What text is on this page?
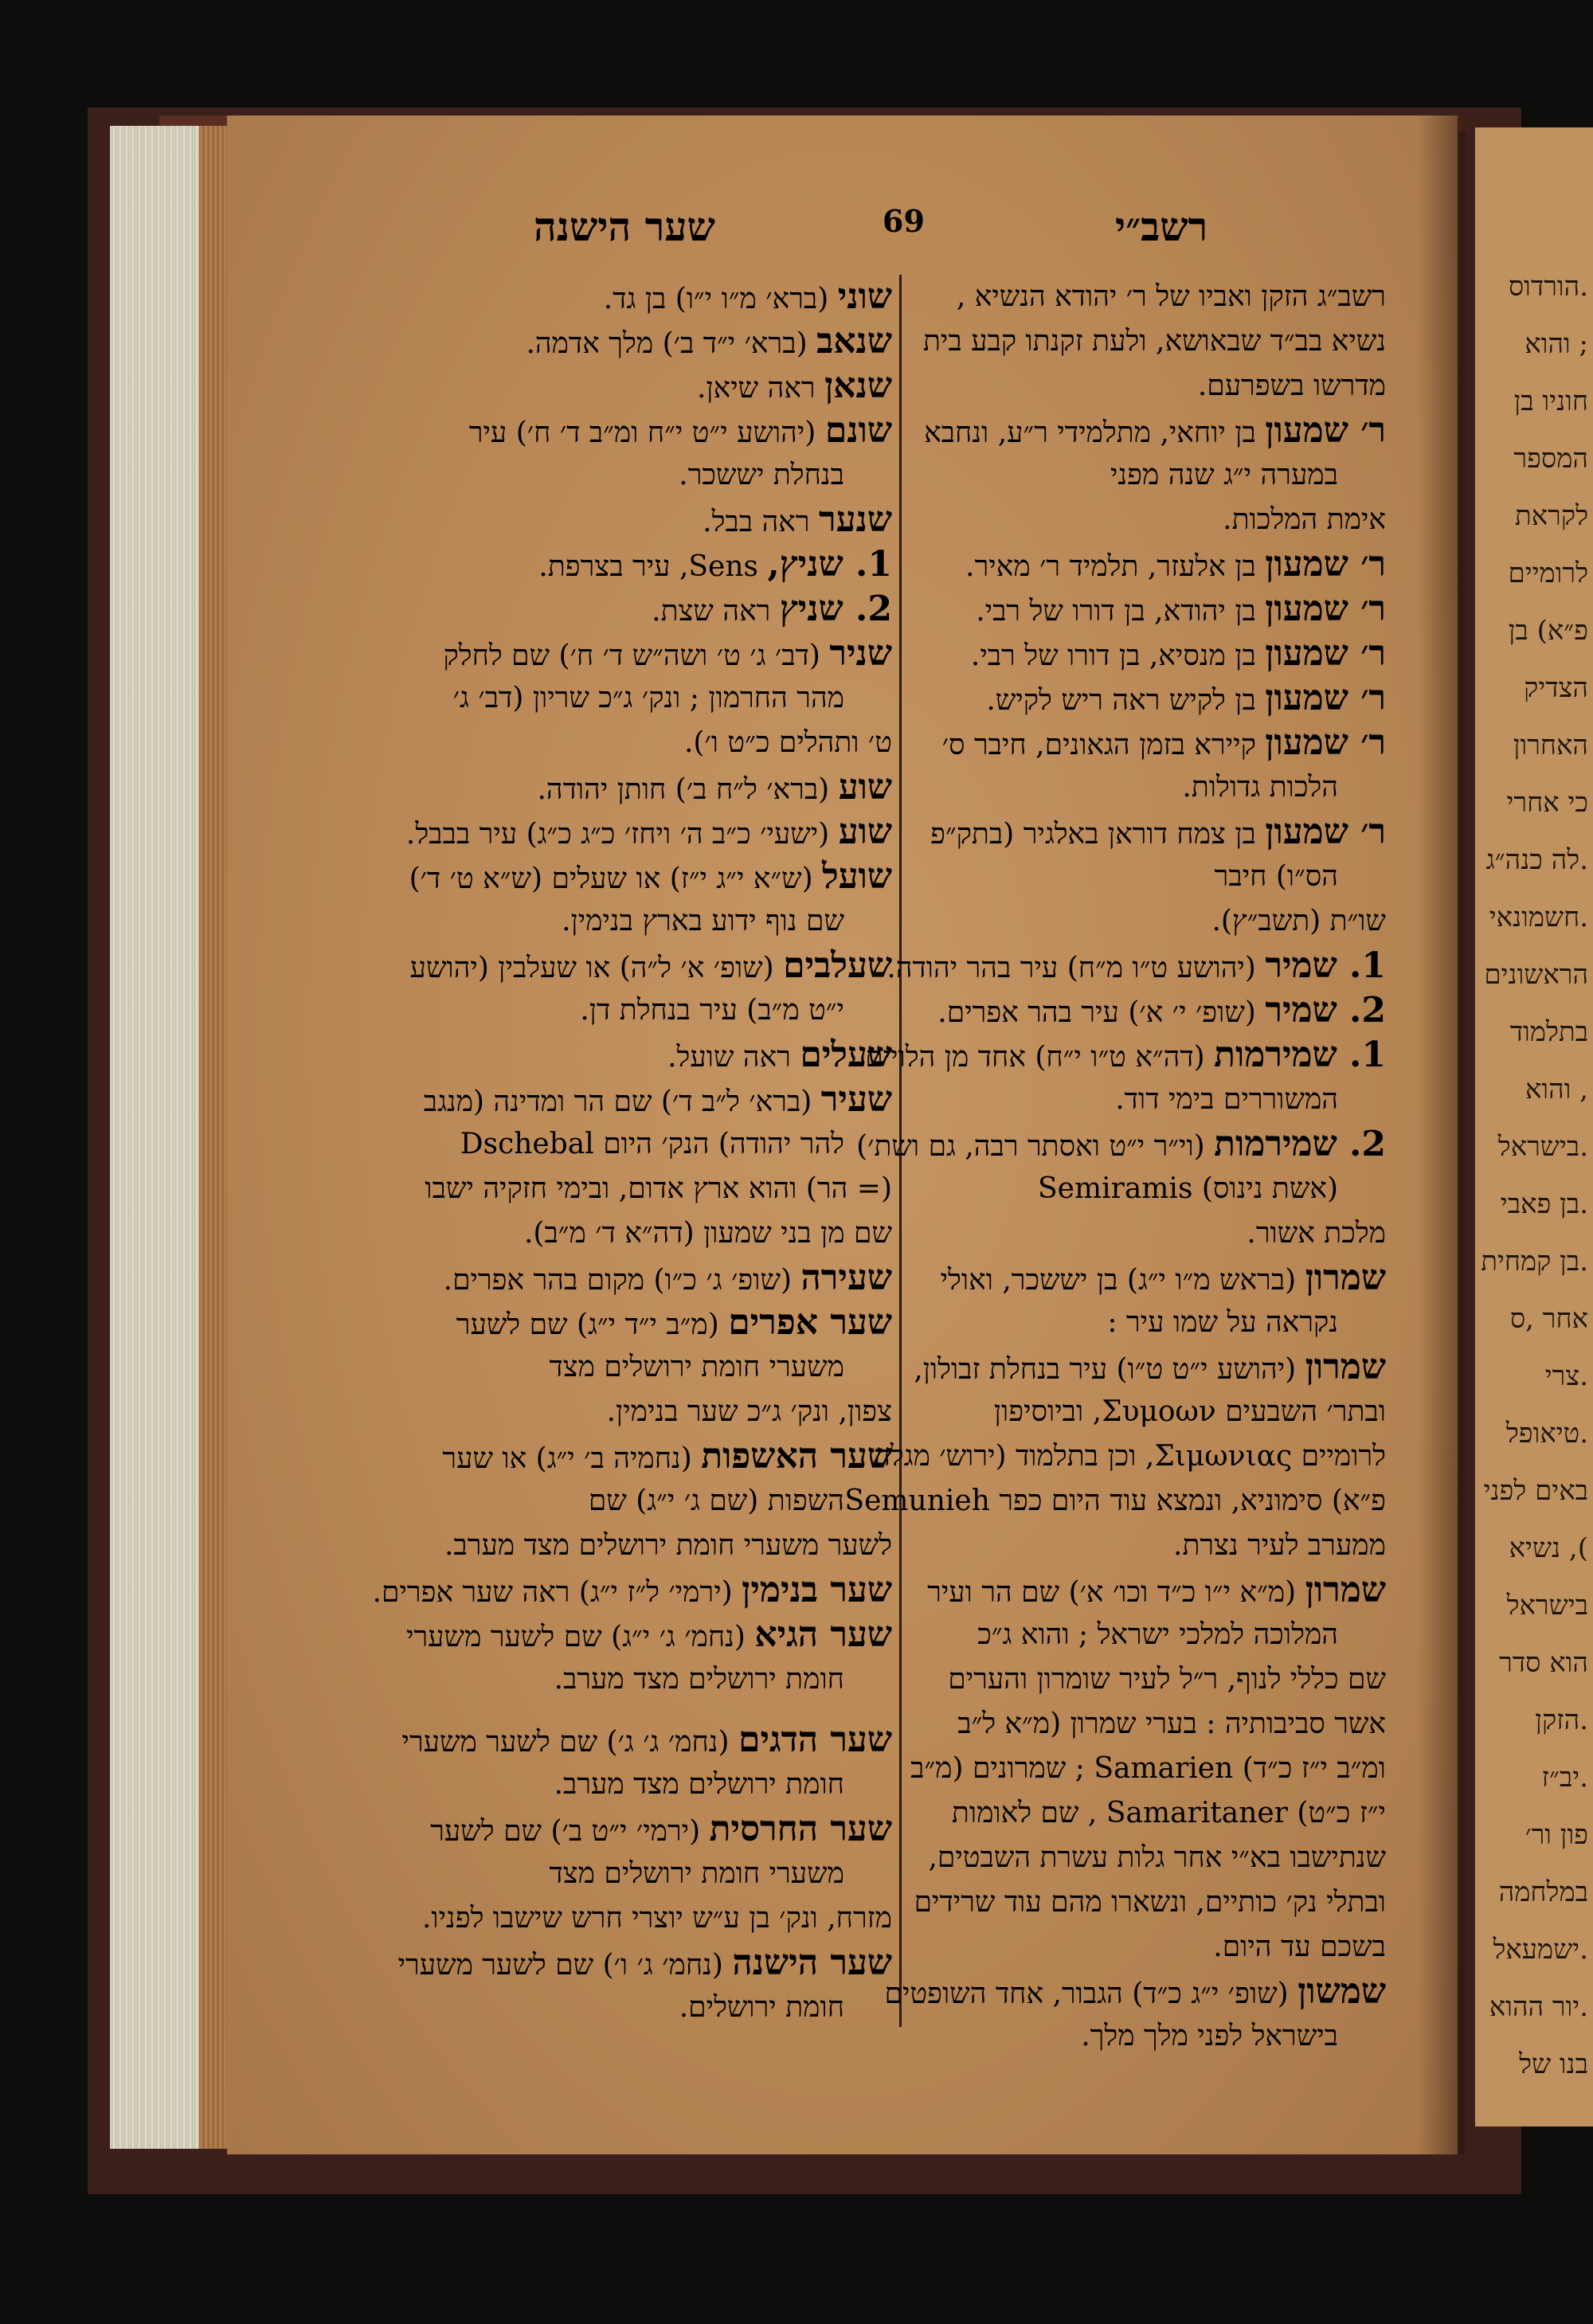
הורדוס.
והוא ;
חוניו בן
המספר
לקראת
לרומיים
פ״א) בן
הצדיק
האחרון
כי אחרי
לה כנה״ג.
חשמונאי.
הראשונים
בתלמוד
והוא ,
בישראל.
בן פאבי.
בן קמחית.
אחר ,ס
צרי.
טיאופל.
באים לפני
נשיא ,(
בישראל
הוא סדר
הזקן.
יב״ז.
פון ור׳
במלחמה
ישמעאל.
יור ההוא.
בנו של
רשב״י
69
שער הישנה
רשב״ג הזקן ואביו של ר׳ יהודא הנשיא ,
נשיא בב״ד שבאושא, ולעת זקנתו קבע בית
מדרשו בשפרעם.
ר׳ שמעון בן יוחאי, מתלמידי ר״ע, ונחבא
במערה י״ג שנה מפני
אימת המלכות.
ר׳ שמעון בן אלעזר, תלמיד ר׳ מאיר.
ר׳ שמעון בן יהודא, בן דורו של רבי.
ר׳ שמעון בן מנסיא, בן דורו של רבי.
ר׳ שמעון בן לקיש ראה ריש לקיש.
ר׳ שמעון קיירא בזמן הגאונים, חיבר ס׳
הלכות גדולות.
ר׳ שמעון בן צמח דוראן באלגיר (בתק״פ
הס״ו) חיבר
שו״ת (תשב״ץ).
1. שמיר (יהושע ט״ו מ״ח) עיר בהר יהודה.
2. שמיר (שופ׳ י׳ א׳) עיר בהר אפרים.
1. שמירמות (דה״א ט״ו י״ח) אחד מן הלויים
המשוררים בימי דוד.
2. שמירמות (וי״ר י״ט ואסתר רבה, גם ושת׳)
(אשת נינוס) Semiramis
מלכת אשור.
שמרון (בראש מ״ו י״ג) בן יששכר, ואולי
נקראה על שמו עיר :
שמרון (יהושע י״ט ט״ו) עיר בנחלת זבולון,
ובתר׳ השבעים Συμοων, וביוסיפון
לרומיים Σιμωνιας, וכן בתלמוד (ירוש׳ מגלה
פ״א) סימוניא, ונמצא עוד היום כפר Semunieh
ממערב לעיר נצרת.
שמרון (מ״א י״ו כ״ד וכו׳ א׳) שם הר ועיר
המלוכה למלכי ישראל ; והוא ג״כ
שם כללי לנוף, ר״ל לעיר שומרון והערים
אשר סביבותיה : בערי שמרון (מ״א ל״ב
ומ״ב י״ז כ״ד) Samarien ; שמרונים (מ״ב
י״ז כ״ט) Samaritaner , שם לאומות
שנתישבו בא״י אחר גלות עשרת השבטים,
ובתלי נק׳ כותיים, ונשארו מהם עוד שרידים
בשכם עד היום.
שמשון (שופ׳ י״ג כ״ד) הגבור, אחד השופטים
בישראל לפני מלך מלך.
שוני (ברא׳ מ״ו י״ו) בן גד.
שנאב (ברא׳ י״ד ב׳) מלך אדמה.
שנאן ראה שיאן.
שונם (יהושע י״ט י״ח ומ״ב ד׳ ח׳) עיר
בנחלת יששכר.
שנער ראה בבל.
1. שניץ, Sens, עיר בצרפת.
2. שניץ ראה שצת.
שניר (דב׳ ג׳ ט׳ ושה״ש ד׳ ח׳) שם לחלק
מהר החרמון ; ונק׳ ג״כ שריון (דב׳ ג׳
ט׳ ותהלים כ״ט ו׳).
שוע (ברא׳ ל״ח ב׳) חותן יהודה.
שוע (ישעי׳ כ״ב ה׳ ויחז׳ כ״ג כ״ג) עיר בבבל.
שועל (ש״א י״ג י״ז) או שעלים (ש״א ט׳ ד׳)
שם נוף ידוע בארץ בנימין.
שעלבים (שופ׳ א׳ ל״ה) או שעלבין (יהושע
י״ט מ״ב) עיר בנחלת דן.
שעלים ראה שועל.
שעיר (ברא׳ ל״ב ד׳) שם הר ומדינה (מנגב
להר יהודה) הנק׳ היום Dschebal
(= הר) והוא ארץ אדום, ובימי חזקיה ישבו
שם מן בני שמעון (דה״א ד׳ מ״ב).
שעירה (שופ׳ ג׳ כ״ו) מקום בהר אפרים.
שער אפרים (מ״ב י״ד י״ג) שם לשער
משערי חומת ירושלים מצד
צפון, ונק׳ ג״כ שער בנימין.
שער האשפות (נחמיה ב׳ י״ג) או שער
השפות (שם ג׳ י״ג) שם
לשער משערי חומת ירושלים מצד מערב.
שער בנימין (ירמי׳ ל״ז י״ג) ראה שער אפרים.
שער הגיא (נחמ׳ ג׳ י״ג) שם לשער משערי
חומת ירושלים מצד מערב.
שער הדגים (נחמ׳ ג׳ ג׳) שם לשער משערי
חומת ירושלים מצד מערב.
שער החרסית (ירמי׳ י״ט ב׳) שם לשער
משערי חומת ירושלים מצד
מזרח, ונק׳ בן ע״ש יוצרי חרש שישבו לפניו.
שער הישנה (נחמ׳ ג׳ ו׳) שם לשער משערי
חומת ירושלים.
